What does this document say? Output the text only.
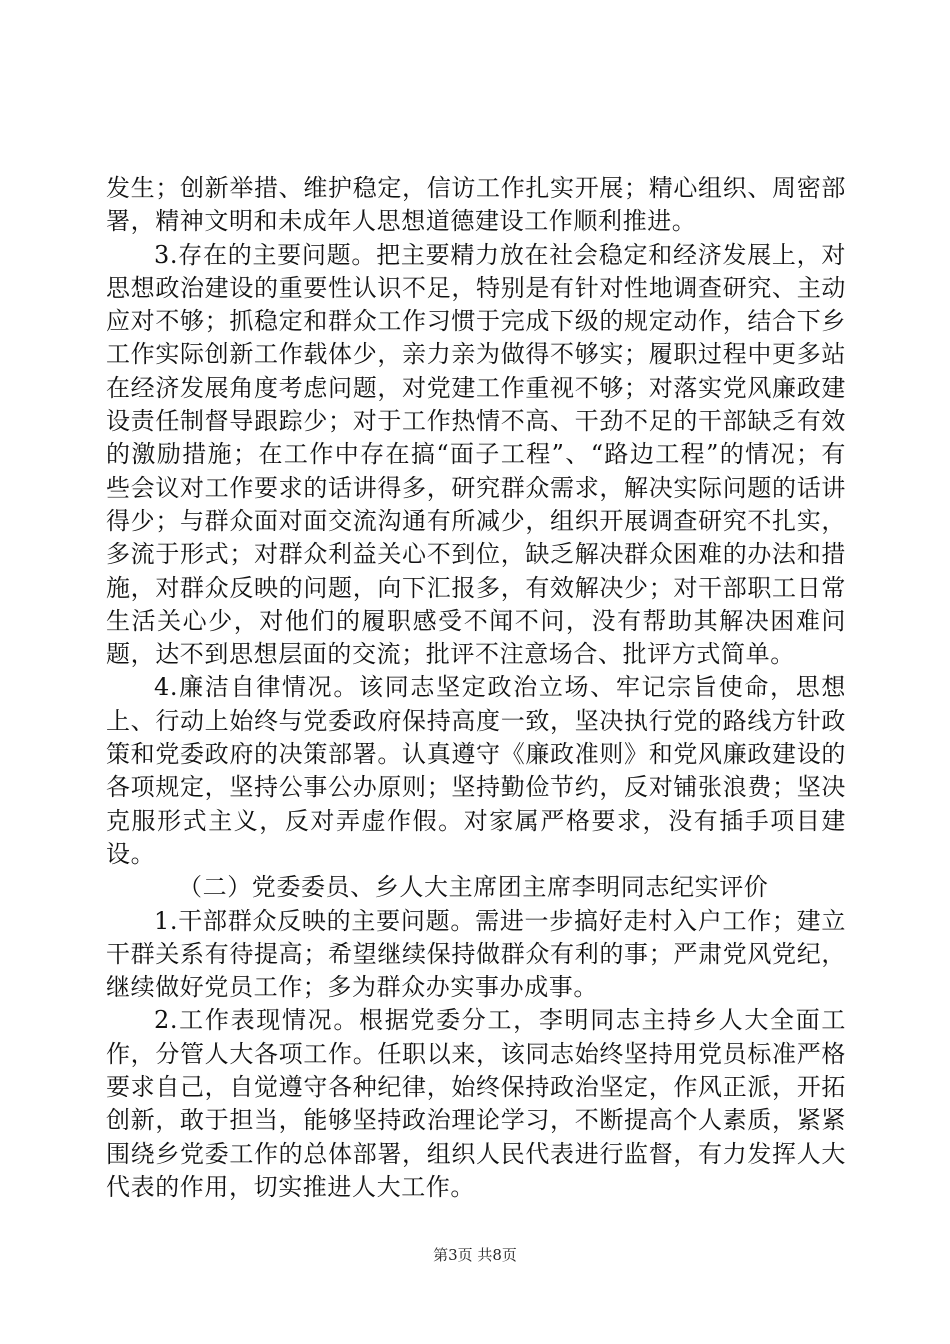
发生；创新举措、维护稳定，信访工作扎实开展；精心组织、周密部署，精神文明和未成年人思想道德建设工作顺利推进。

3.存在的主要问题。把主要精力放在社会稳定和经济发展上，对思想政治建设的重要性认识不足，特别是有针对性地调查研究、主动应对不够；抓稳定和群众工作习惯于完成下级的规定动作，结合下乡工作实际创新工作载体少，亲力亲为做得不够实；履职过程中更多站在经济发展角度考虑问题，对党建工作重视不够；对落实党风廉政建设责任制督导跟踪少；对于工作热情不高、干劲不足的干部缺乏有效的激励措施；在工作中存在搞“面子工程”、“路边工程”的情况；有些会议对工作要求的话讲得多，研究群众需求，解决实际问题的话讲得少；与群众面对面交流沟通有所减少，组织开展调查研究不扎实，多流于形式；对群众利益关心不到位，缺乏解决群众困难的办法和措施，对群众反映的问题，向下汇报多，有效解决少；对干部职工日常生活关心少，对他们的履职感受不闻不问，没有帮助其解决困难问题，达不到思想层面的交流；批评不注意场合、批评方式简单。

4.廉洁自律情况。该同志坚定政治立场、牢记宗旨使命，思想上、行动上始终与党委政府保持高度一致，坚决执行党的路线方针政策和党委政府的决策部署。认真遵守《廉政准则》和党风廉政建设的各项规定，坚持公事公办原则；坚持勤俭节约，反对铺张浪费；坚决克服形式主义，反对弄虚作假。对家属严格要求，没有插手项目建设。

（二）党委委员、乡人大主席团主席李明同志纪实评价

1.干部群众反映的主要问题。需进一步搞好走村入户工作；建立干群关系有待提高；希望继续保持做群众有利的事；严肃党风党纪，继续做好党员工作；多为群众办实事办成事。

2.工作表现情况。根据党委分工，李明同志主持乡人大全面工作，分管人大各项工作。任职以来，该同志始终坚持用党员标准严格要求自己，自觉遵守各种纪律，始终保持政治坚定，作风正派，开拓创新，敢于担当，能够坚持政治理论学习，不断提高个人素质，紧紧围绕乡党委工作的总体部署，组织人民代表进行监督，有力发挥人大代表的作用，切实推进人大工作。

第3页 共8页
